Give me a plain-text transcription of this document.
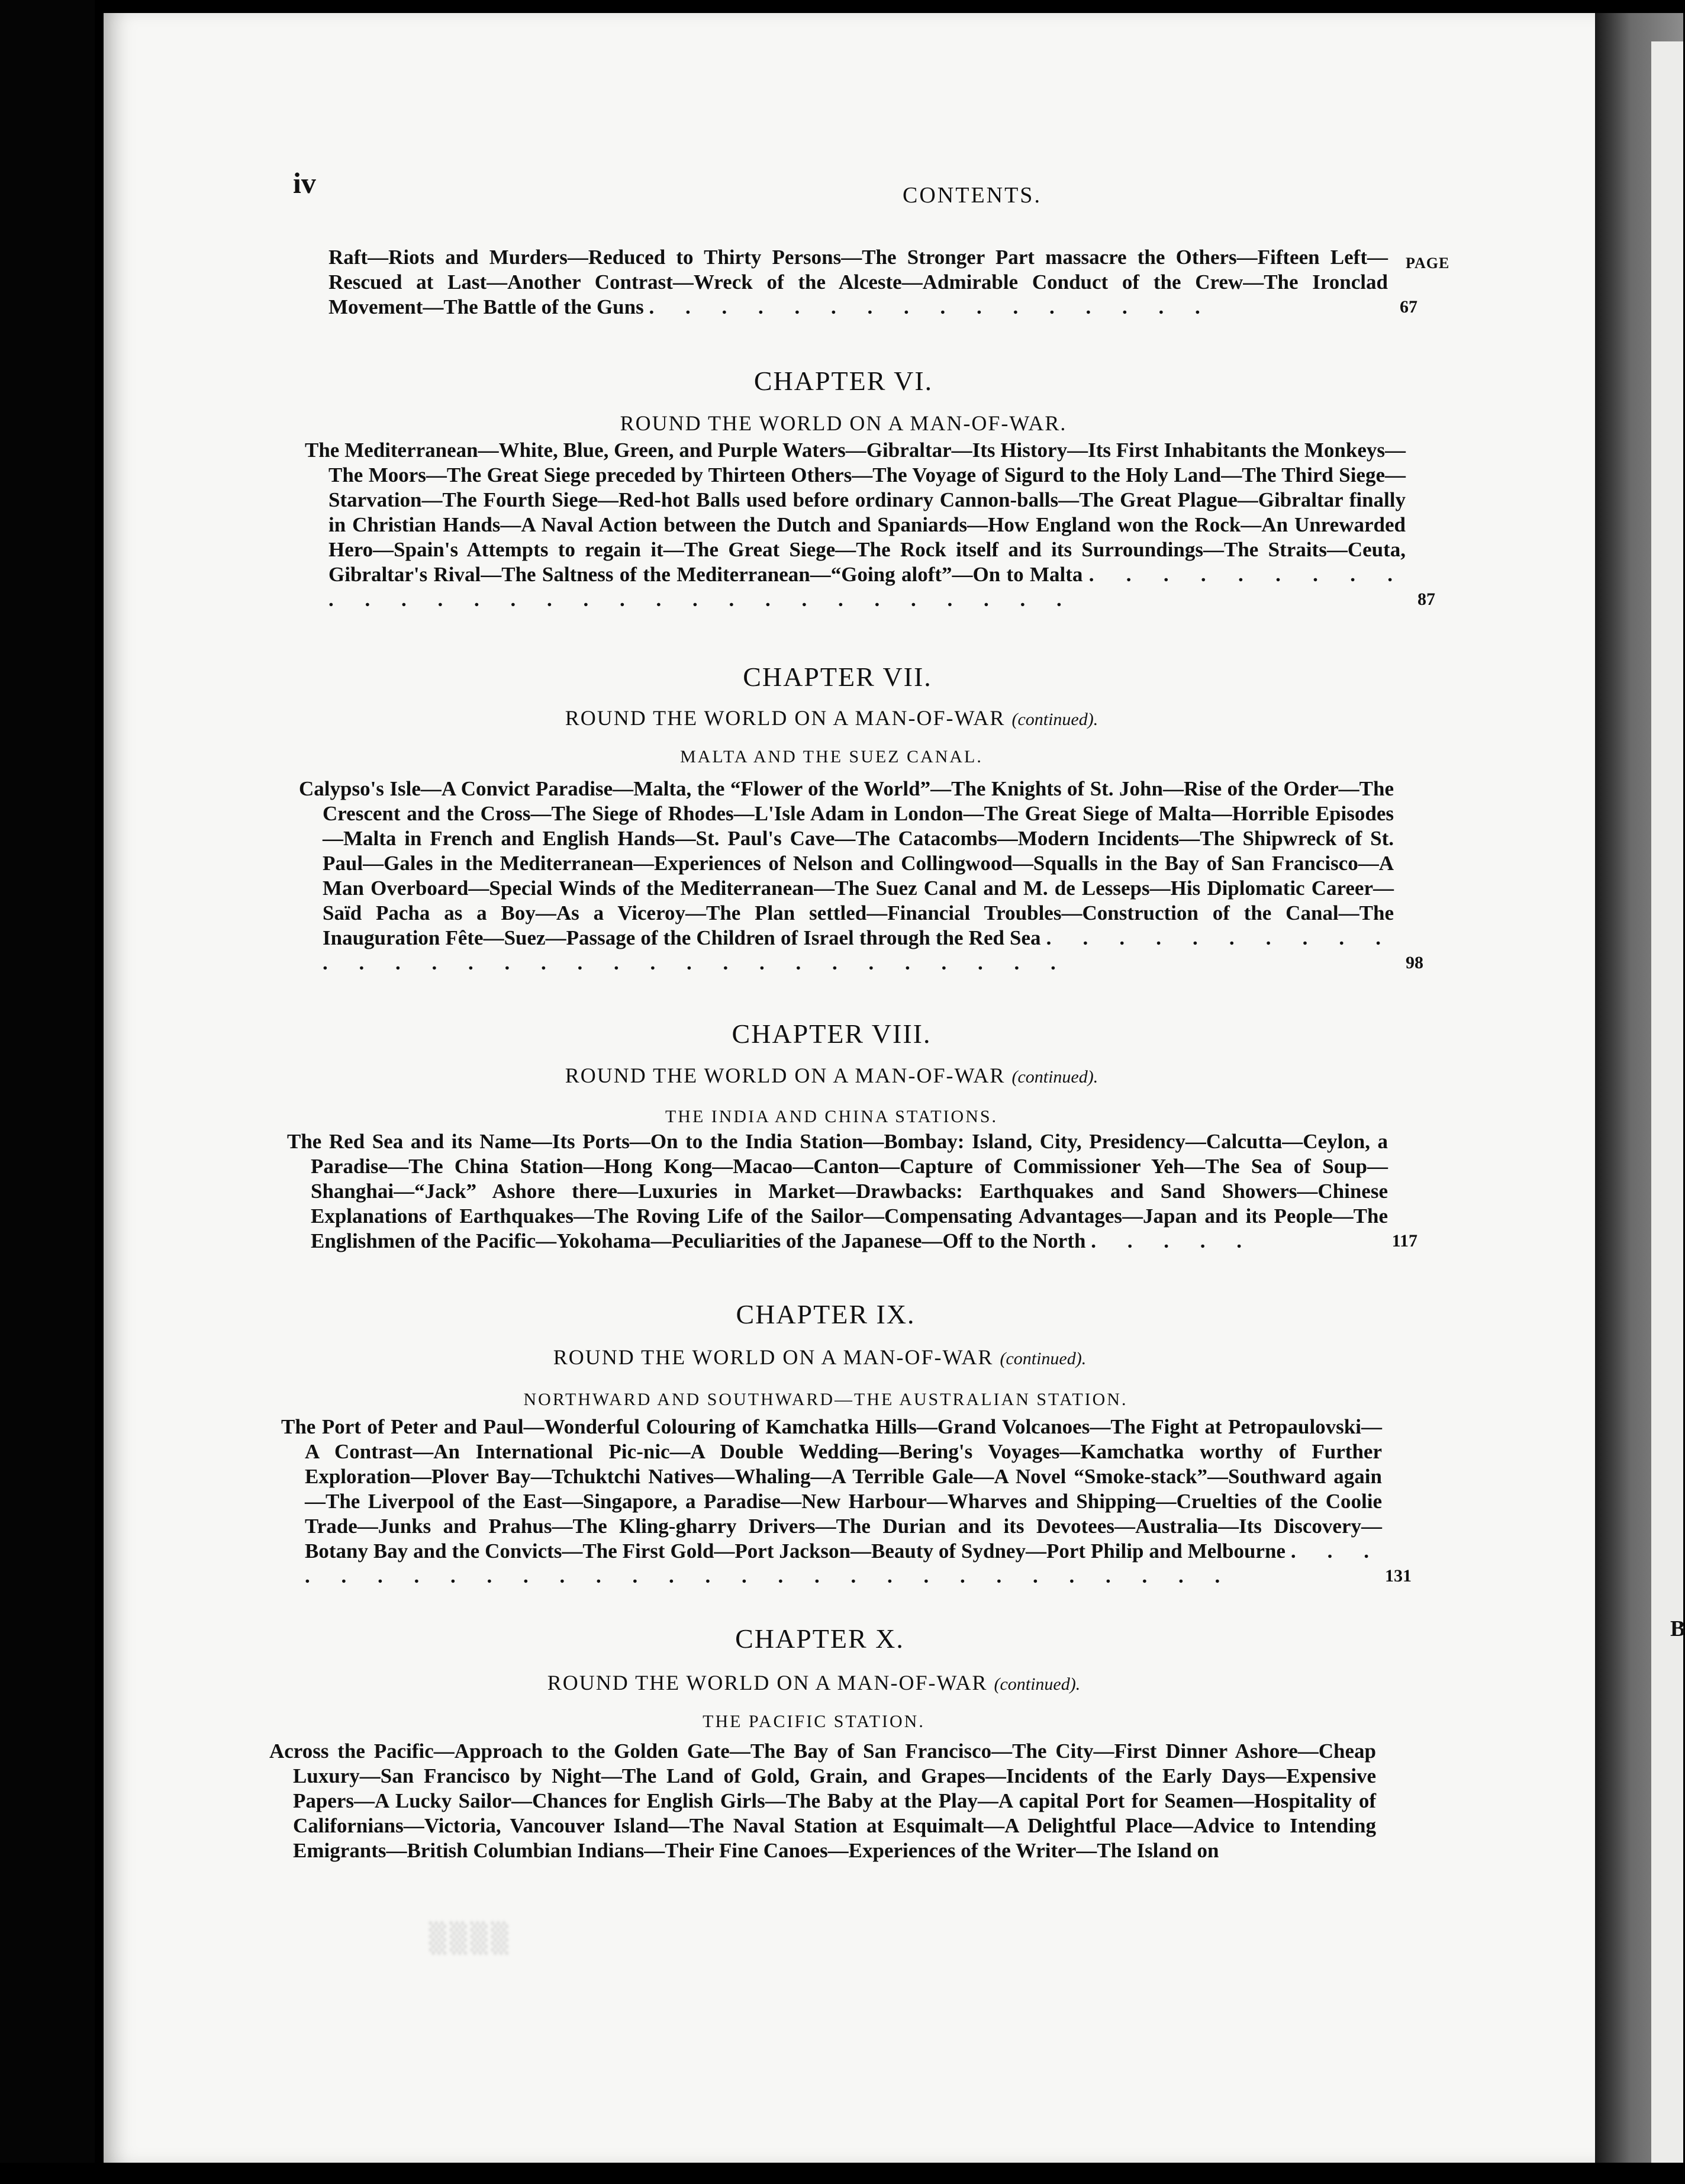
B
iv	CONTENTS.
PAGE
Raft—Riots and Murders—Reduced to Thirty Persons—The Stronger Part massacre the Others—Fifteen Left—Rescued at Last—Another Contrast—Wreck of the Alceste—Admirable Conduct of the Crew—The Ironclad Movement—The Battle of the Guns . . . . . . . . . . . . . . . .	67
CHAPTER VI.
ROUND THE WORLD ON A MAN-OF-WAR.
The Mediterranean—White, Blue, Green, and Purple Waters—Gibraltar—Its History—Its First Inhabitants the Monkeys—The Moors—The Great Siege preceded by Thirteen Others—The Voyage of Sigurd to the Holy Land—The Third Siege—Starvation—The Fourth Siege—Red-hot Balls used before ordinary Cannon-balls—The Great Plague—Gibraltar finally in Christian Hands—A Naval Action between the Dutch and Spaniards—How England won the Rock—An Unrewarded Hero—Spain's Attempts to regain it—The Great Siege—The Rock itself and its Surroundings—The Straits—Ceuta, Gibraltar's Rival—The Saltness of the Mediterranean—“Going aloft”—On to Malta . . . . . . . . . . . . . . . . . . . . . . . . . . . . . .	87
CHAPTER VII.
ROUND THE WORLD ON A MAN-OF-WAR (continued).
MALTA AND THE SUEZ CANAL.
Calypso's Isle—A Convict Paradise—Malta, the “Flower of the World”—The Knights of St. John—Rise of the Order—The Crescent and the Cross—The Siege of Rhodes—L'Isle Adam in London—The Great Siege of Malta—Horrible Episodes—Malta in French and English Hands—St. Paul's Cave—The Catacombs—Modern Incidents—The Shipwreck of St. Paul—Gales in the Mediterranean—Experiences of Nelson and Collingwood—Squalls in the Bay of San Francisco—A Man Overboard—Special Winds of the Mediterranean—The Suez Canal and M. de Lesseps—His Diplomatic Career—Saïd Pacha as a Boy—As a Viceroy—The Plan settled—Financial Troubles—Construction of the Canal—The Inauguration Fête—Suez—Passage of the Children of Israel through the Red Sea . . . . . . . . . . . . . . . . . . . . . . . . . . . . . . .	98
CHAPTER VIII.
ROUND THE WORLD ON A MAN-OF-WAR (continued).
THE INDIA AND CHINA STATIONS.
The Red Sea and its Name—Its Ports—On to the India Station—Bombay: Island, City, Presidency—Calcutta—Ceylon, a Paradise—The China Station—Hong Kong—Macao—Canton—Capture of Commissioner Yeh—The Sea of Soup—Shanghai—“Jack” Ashore there—Luxuries in Market—Drawbacks: Earthquakes and Sand Showers—Chinese Explanations of Earthquakes—The Roving Life of the Sailor—Compensating Advantages—Japan and its People—The Englishmen of the Pacific—Yokohama—Peculiarities of the Japanese—Off to the North . . . . .	117
CHAPTER IX.
ROUND THE WORLD ON A MAN-OF-WAR (continued).
NORTHWARD AND SOUTHWARD—THE AUSTRALIAN STATION.
The Port of Peter and Paul—Wonderful Colouring of Kamchatka Hills—Grand Volcanoes—The Fight at Petropaulovski—A Contrast—An International Pic-nic—A Double Wedding—Bering's Voyages—Kamchatka worthy of Further Exploration—Plover Bay—Tchuktchi Natives—Whaling—A Terrible Gale—A Novel “Smoke-stack”—Southward again—The Liverpool of the East—Singapore, a Paradise—New Harbour—Wharves and Shipping—Cruelties of the Coolie Trade—Junks and Prahus—The Kling-gharry Drivers—The Durian and its Devotees—Australia—Its Discovery—Botany Bay and the Convicts—The First Gold—Port Jackson—Beauty of Sydney—Port Philip and Melbourne . . . . . . . . . . . . . . . . . . . . . . . . . . . . .	131
CHAPTER X.
ROUND THE WORLD ON A MAN-OF-WAR (continued).
THE PACIFIC STATION.
Across the Pacific—Approach to the Golden Gate—The Bay of San Francisco—The City—First Dinner Ashore—Cheap Luxury—San Francisco by Night—The Land of Gold, Grain, and Grapes—Incidents of the Early Days—Expensive Papers—A Lucky Sailor—Chances for English Girls—The Baby at the Play—A capital Port for Seamen—Hospitality of Californians—Victoria, Vancouver Island—The Naval Station at Esquimalt—A Delightful Place—Advice to Intending Emigrants—British Columbian Indians—Their Fine Canoes—Experiences of the Writer—The Island on
▒▒▒▒
